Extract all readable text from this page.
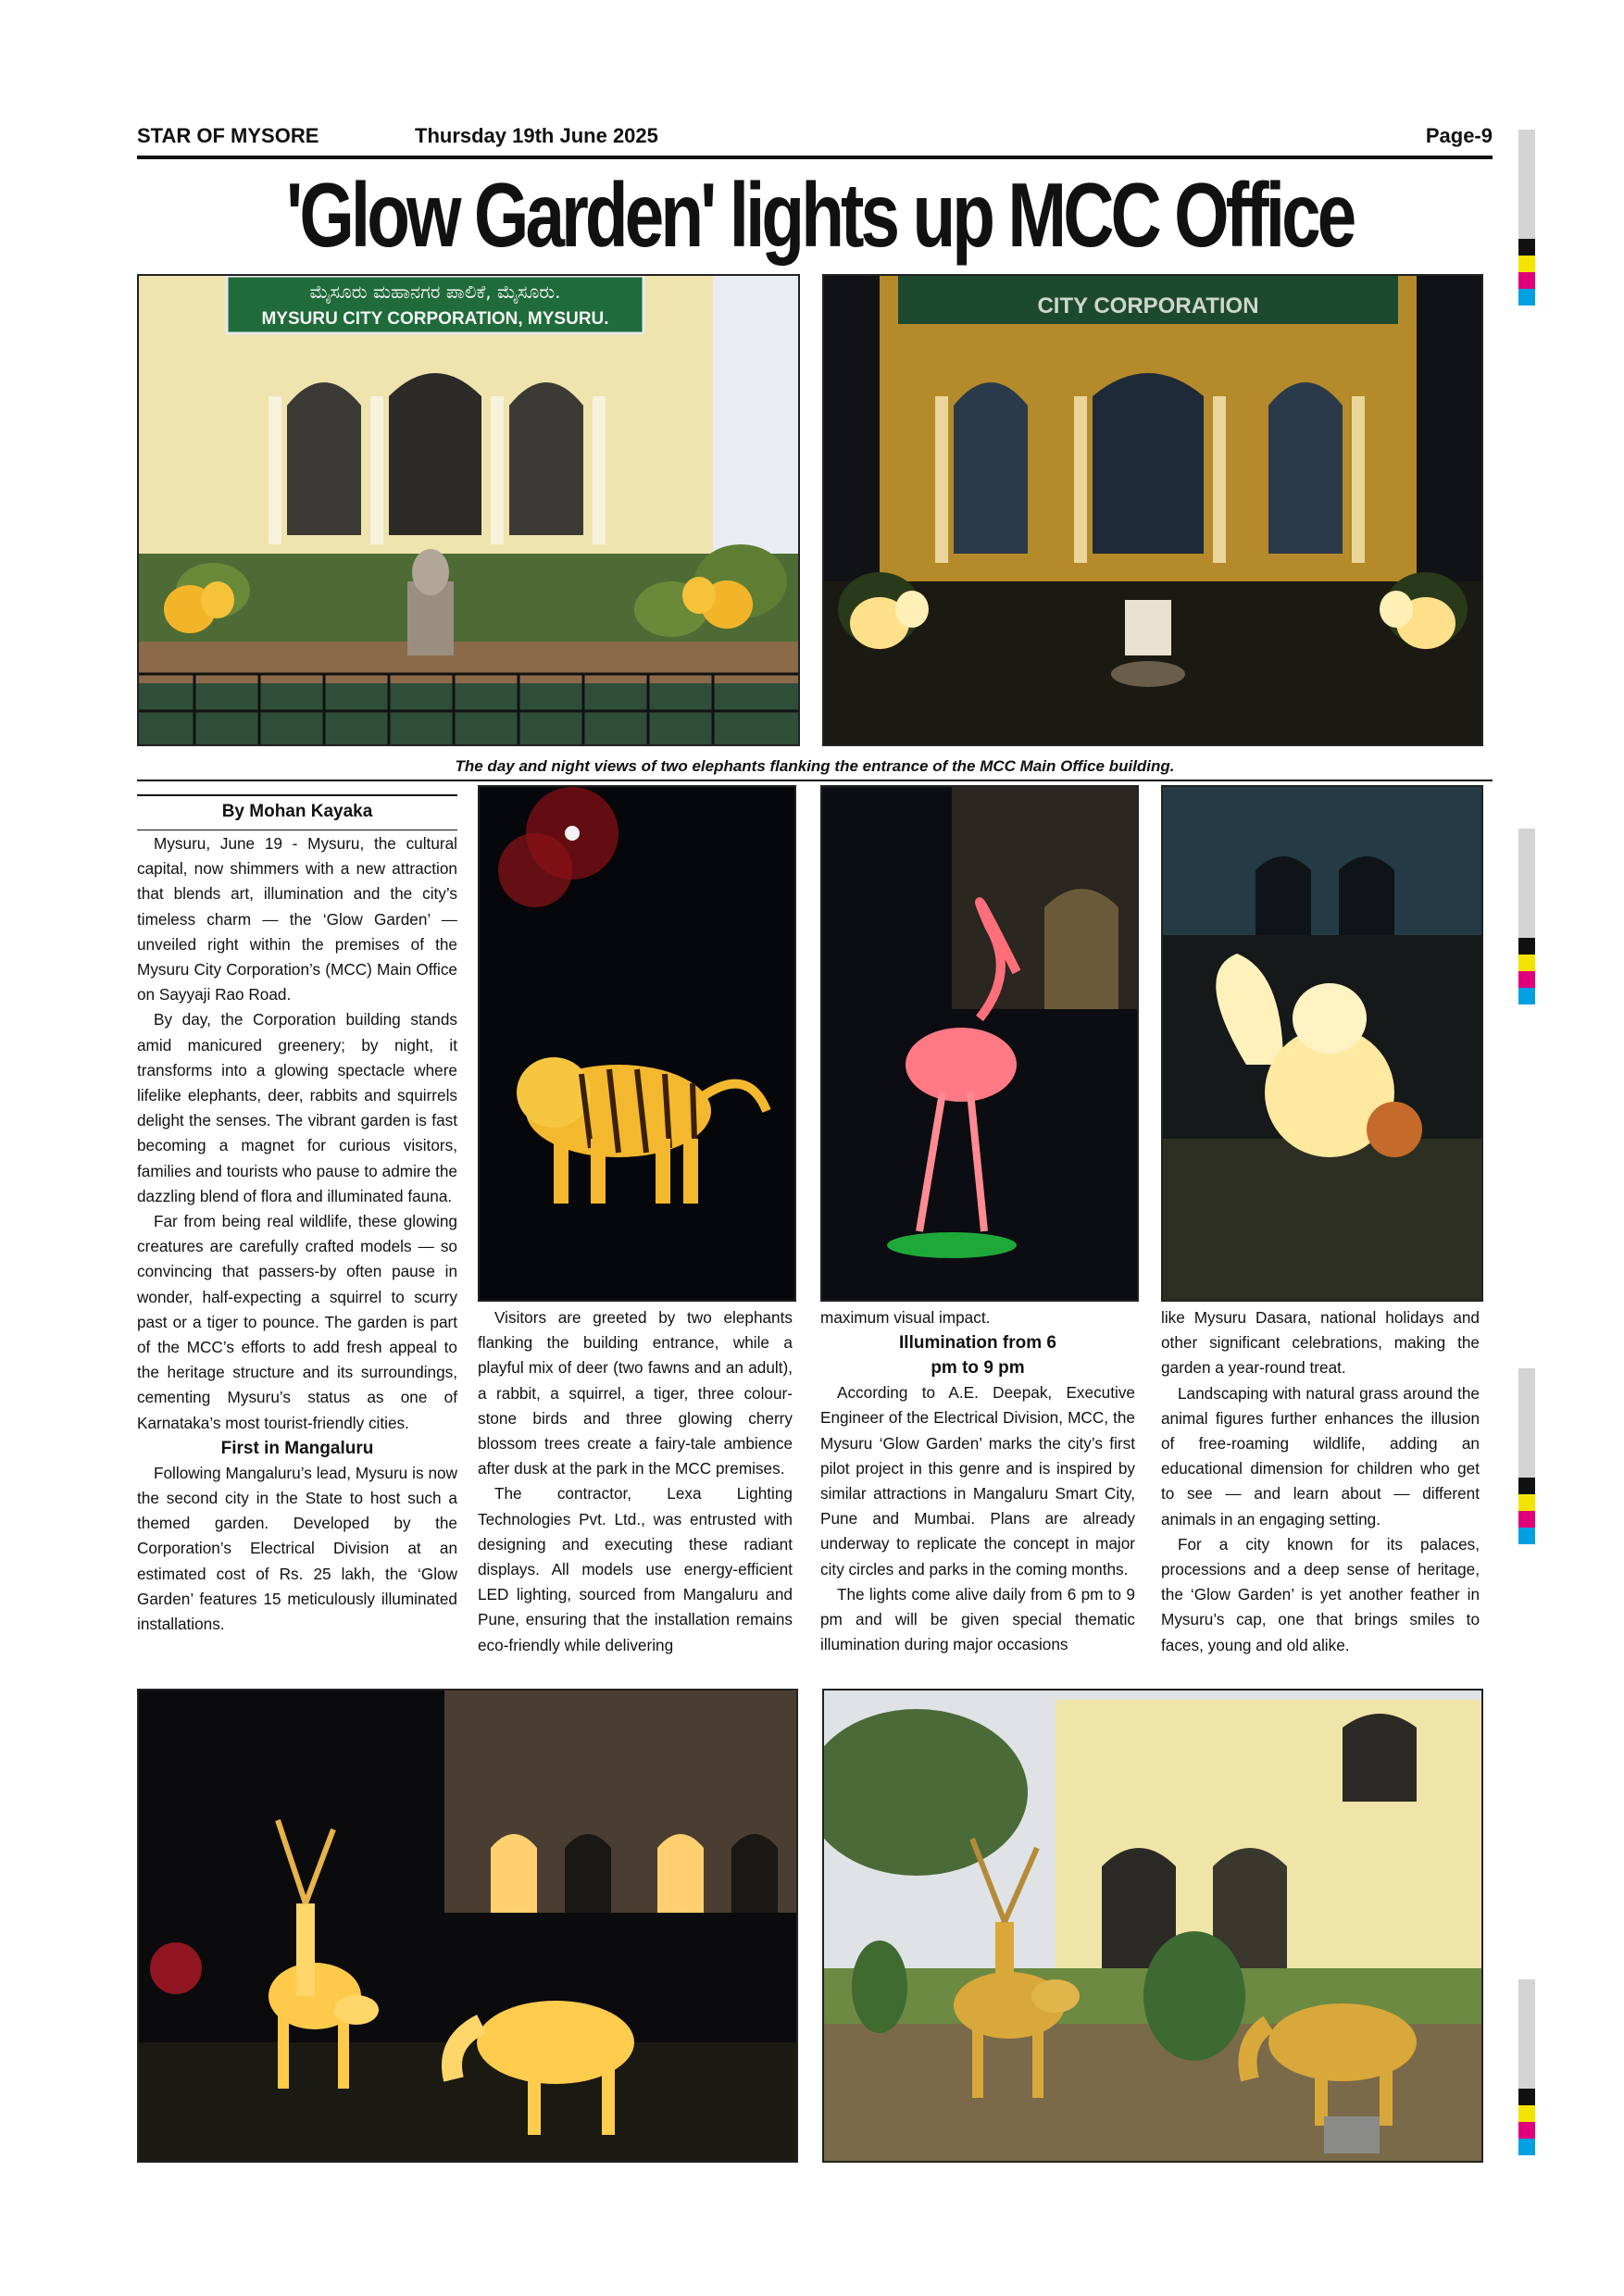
STAR OF MYSORE	Thursday 19th June 2025	Page-9
'Glow Garden' lights up MCC Office
ಮೈಸೂರು ಮಹಾನಗರ ಪಾಲಿಕೆ, ಮೈಸೂರು.
MYSURU CITY CORPORATION, MYSURU.
CITY CORPORATION
The day and night views of two elephants flanking the entrance of the MCC Main Office building.
By Mohan Kayaka

Mysuru, June 19 - Mysuru, the cultural capital, now shimmers with a new attraction that blends art, illumination and the city’s timeless charm — the ‘Glow Garden’ — unveiled right within the premises of the Mysuru City Corporation’s (MCC) Main Office on Sayyaji Rao Road.

By day, the Corporation building stands amid manicured greenery; by night, it transforms into a glowing spectacle where lifelike elephants, deer, rabbits and squirrels delight the senses. The vibrant garden is fast becoming a magnet for curious visitors, families and tourists who pause to admire the dazzling blend of flora and illuminated fauna.

Far from being real wildlife, these glowing creatures are carefully crafted models — so convincing that passers-by often pause in wonder, half-expecting a squirrel to scurry past or a tiger to pounce. The garden is part of the MCC’s efforts to add fresh appeal to the heritage structure and its surroundings, cementing Mysuru’s status as one of Karnataka’s most tourist-friendly cities.

First in Mangaluru

Following Mangaluru’s lead, Mysuru is now the second city in the State to host such a themed garden. Developed by the Corporation’s Electrical Division at an estimated cost of Rs. 25 lakh, the ‘Glow Garden’ features 15 meticulously illuminated installations.

Visitors are greeted by two elephants flanking the building entrance, while a playful mix of deer (two fawns and an adult), a rabbit, a squirrel, a tiger, three colour-stone birds and three glowing cherry blossom trees create a fairy-tale ambience after dusk at the park in the MCC premises.

The contractor, Lexa Lighting Technologies Pvt. Ltd., was entrusted with designing and executing these radiant displays. All models use energy-efficient LED lighting, sourced from Mangaluru and Pune, ensuring that the installation remains eco-friendly while delivering

maximum visual impact.

Illumination from 6 pm to 9 pm

According to A.E. Deepak, Executive Engineer of the Electrical Division, MCC, the Mysuru ‘Glow Garden’ marks the city’s first pilot project in this genre and is inspired by similar attractions in Mangaluru Smart City, Pune and Mumbai. Plans are already underway to replicate the concept in major city circles and parks in the coming months.

The lights come alive daily from 6 pm to 9 pm and will be given special thematic illumination during major occasions

like Mysuru Dasara, national holidays and other significant celebrations, making the garden a year-round treat.

Landscaping with natural grass around the animal figures further enhances the illusion of free-roaming wildlife, adding an educational dimension for children who get to see — and learn about — different animals in an engaging setting.

For a city known for its palaces, processions and a deep sense of heritage, the ‘Glow Garden’ is yet another feather in Mysuru’s cap, one that brings smiles to faces, young and old alike.
